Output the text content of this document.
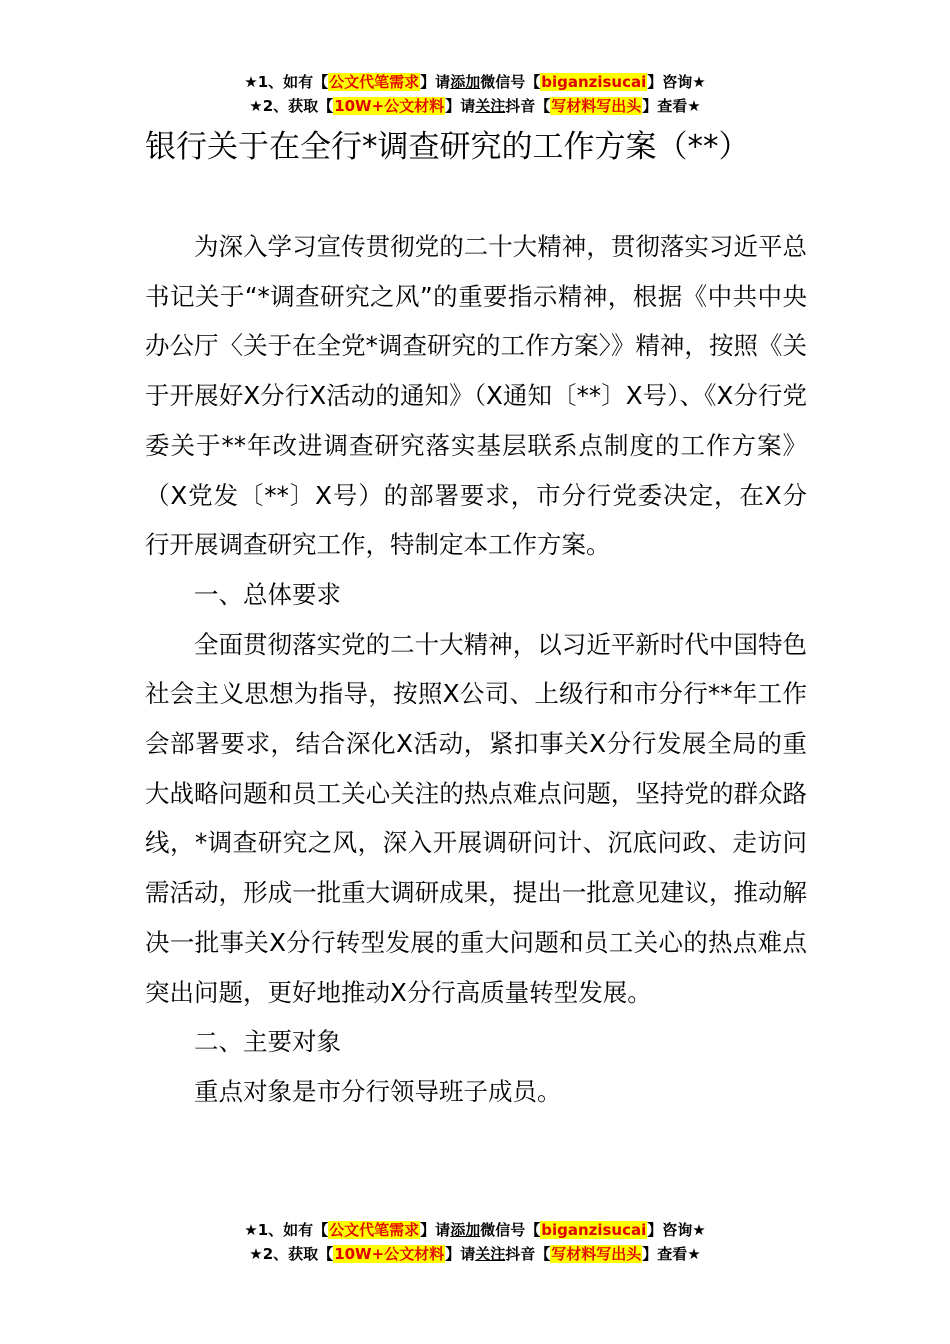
★1、如有【公文代笔需求】请添加微信号【biganzisucai】咨询★
★2、获取【10W+公文材料】请关注抖音【写材料写出头】查看★
银行关于在全行*调查研究的工作方案（**）

为深入学习宣传贯彻党的二十大精神，贯彻落实习近平总书记关于“*调查研究之风”的重要指示精神，根据《中共中央办公厅〈关于在全党*调查研究的工作方案〉》精神，按照《关于开展好X分行X活动的通知》（X通知〔**〕X号）、《X分行党委关于**年改进调查研究落实基层联系点制度的工作方案》（X党发〔**〕X号）的部署要求，市分行党委决定，在X分行开展调查研究工作，特制定本工作方案。

一、总体要求

全面贯彻落实党的二十大精神，以习近平新时代中国特色社会主义思想为指导，按照X公司、上级行和市分行**年工作会部署要求，结合深化X活动，紧扣事关X分行发展全局的重大战略问题和员工关心关注的热点难点问题，坚持党的群众路线，*调查研究之风，深入开展调研问计、沉底问政、走访问需活动，形成一批重大调研成果，提出一批意见建议，推动解决一批事关X分行转型发展的重大问题和员工关心的热点难点突出问题，更好地推动X分行高质量转型发展。

二、主要对象

重点对象是市分行领导班子成员。

★1、如有【公文代笔需求】请添加微信号【biganzisucai】咨询★
★2、获取【10W+公文材料】请关注抖音【写材料写出头】查看★
